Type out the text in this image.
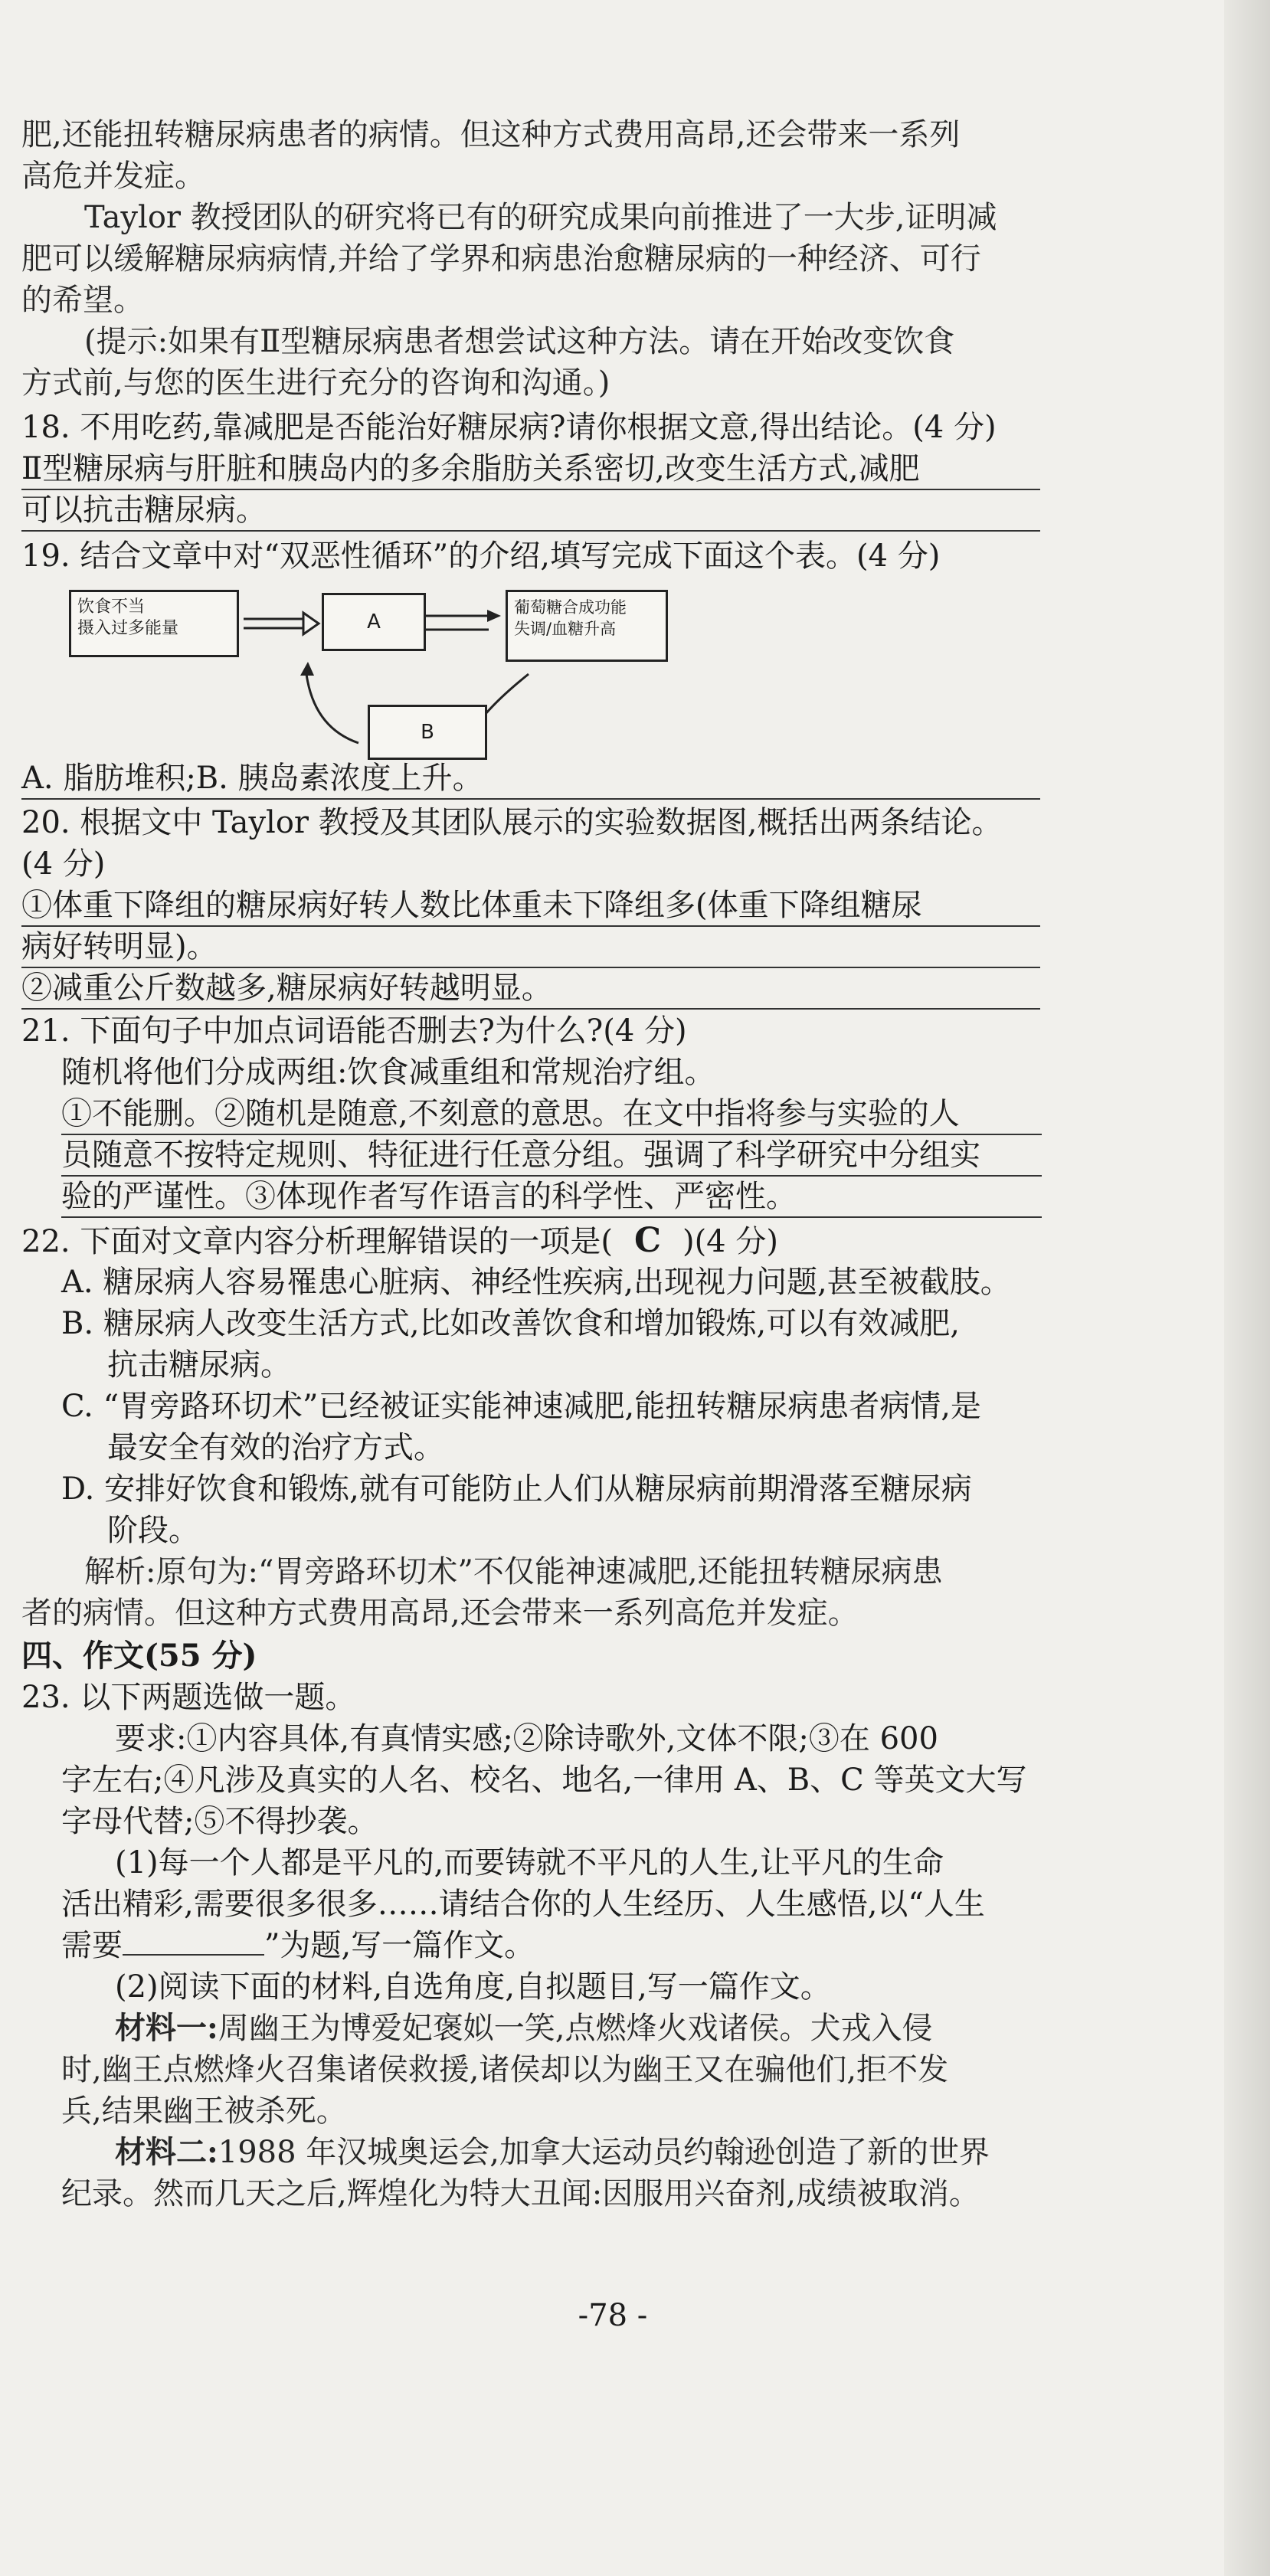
肥,还能扭转糖尿病患者的病情。但这种方式费用高昂,还会带来一系列
高危并发症。
Taylor 教授团队的研究将已有的研究成果向前推进了一大步,证明减
肥可以缓解糖尿病病情,并给了学界和病患治愈糖尿病的一种经济、可行
的希望。
(提示:如果有Ⅱ型糖尿病患者想尝试这种方法。请在开始改变饮食
方式前,与您的医生进行充分的咨询和沟通。)
18. 不用吃药,靠减肥是否能治好糖尿病?请你根据文意,得出结论。(4 分)
Ⅱ型糖尿病与肝脏和胰岛内的多余脂肪关系密切,改变生活方式,减肥
可以抗击糖尿病。
19. 结合文章中对“双恶性循环”的介绍,填写完成下面这个表。(4 分)
饮食不当
摄入过多能量	A
葡萄糖合成功能
失调/血糖升高
B
A. 脂肪堆积;B. 胰岛素浓度上升。
20. 根据文中 Taylor 教授及其团队展示的实验数据图,概括出两条结论。
(4 分)
①体重下降组的糖尿病好转人数比体重未下降组多(体重下降组糖尿
病好转明显)。
②减重公斤数越多,糖尿病好转越明显。
21. 下面句子中加点词语能否删去?为什么?(4 分)
随机将他们分成两组:饮食减重组和常规治疗组。
①不能删。②随机是随意,不刻意的意思。在文中指将参与实验的人
员随意不按特定规则、特征进行任意分组。强调了科学研究中分组实
验的严谨性。③体现作者写作语言的科学性、严密性。
22. 下面对文章内容分析理解错误的一项是( C )(4 分)
A. 糖尿病人容易罹患心脏病、神经性疾病,出现视力问题,甚至被截肢。
B. 糖尿病人改变生活方式,比如改善饮食和增加锻炼,可以有效减肥,
抗击糖尿病。
C. “胃旁路环切术”已经被证实能神速减肥,能扭转糖尿病患者病情,是
最安全有效的治疗方式。
D. 安排好饮食和锻炼,就有可能防止人们从糖尿病前期滑落至糖尿病
阶段。
解析:原句为:“胃旁路环切术”不仅能神速减肥,还能扭转糖尿病患
者的病情。但这种方式费用高昂,还会带来一系列高危并发症。
四、作文(55 分)
23. 以下两题选做一题。
要求:①内容具体,有真情实感;②除诗歌外,文体不限;③在 600
字左右;④凡涉及真实的人名、校名、地名,一律用 A、B、C 等英文大写
字母代替;⑤不得抄袭。
(1)每一个人都是平凡的,而要铸就不平凡的人生,让平凡的生命
活出精彩,需要很多很多……请结合你的人生经历、人生感悟,以“人生
需要	”为题,写一篇作文。
(2)阅读下面的材料,自选角度,自拟题目,写一篇作文。
材料一:周幽王为博爱妃褒姒一笑,点燃烽火戏诸侯。犬戎入侵
时,幽王点燃烽火召集诸侯救援,诸侯却以为幽王又在骗他们,拒不发
兵,结果幽王被杀死。
材料二:1988 年汉城奥运会,加拿大运动员约翰逊创造了新的世界
纪录。然而几天之后,辉煌化为特大丑闻:因服用兴奋剂,成绩被取消。
-78 -
